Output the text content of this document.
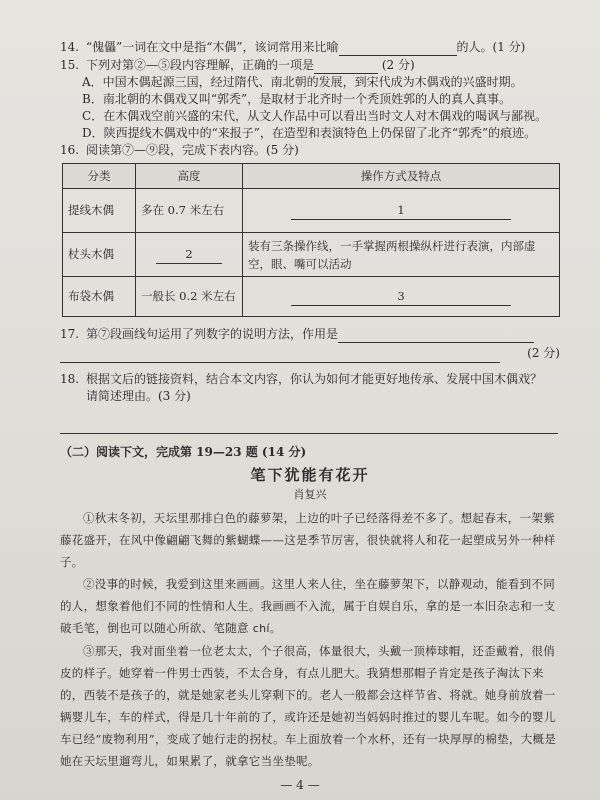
14. “傀儡”一词在文中是指“木偶”，该词常用来比喻	的人。(1 分)

15. 下列对第②—⑤段内容理解，正确的一项是	(2 分)

A．中国木偶起源三国，经过隋代、南北朝的发展，到宋代成为木偶戏的兴盛时期。

B．南北朝的木偶戏又叫“郭秃”，是取材于北齐时一个秃顶姓郭的人的真人真事。

C．在木偶戏空前兴盛的宋代，从文人作品中可以看出当时文人对木偶戏的喝讽与鄙视。

D．陕西提线木偶戏中的“来报子”，在造型和表演特色上仍保留了北齐“郭秃”的痕迹。

16. 阅读第⑦—⑨段，完成下表内容。(5 分)

分类	高度	操作方式及特点
提线木偶	多在 0.7 米左右	1
杖头木偶	2	装有三条操作线，一手掌握两根操纵杆进行表演，内部虚空，眼、嘴可以活动
布袋木偶	一般长 0.2 米左右	3

17. 第⑦段画线句运用了列数字的说明方法，作用是

(2 分)

18. 根据文后的链接资料，结合本文内容，你认为如何才能更好地传承、发展中国木偶戏？

请简述理由。(3 分)

（二）阅读下文，完成第 19—23 题 (14 分)

笔下犹能有花开
肖复兴

①秋末冬初，天坛里那排白色的藤萝架，上边的叶子已经落得差不多了。想起春末，一架紫藤花盛开，在风中像翩翩飞舞的紫蝴蝶——这是季节厉害，很快就将人和花一起塑成另外一种样子。

②没事的时候，我爱到这里来画画。这里人来人往，坐在藤萝架下，以静观动，能看到不同的人，想象着他们不同的性情和人生。我画画不入流，属于自娱自乐，拿的是一本旧杂志和一支破毛笔，倒也可以随心所欲、笔随意 chí。

③那天，我对面坐着一位老太太，个子很高，体量很大，头戴一顶棒球帽，还歪戴着，很俏皮的样子。她穿着一件男士西装，不太合身，有点儿肥大。我猜想那帽子肯定是孩子淘汰下来的，西装不是孩子的，就是她家老头儿穿剩下的。老人一般都会这样节省、将就。她身前放着一辆婴儿车，车的样式，得是几十年前的了，或许还是她初当妈妈时推过的婴儿车呢。如今的婴儿车已经“废物利用”，变成了她行走的拐杖。车上面放着一个水杯，还有一块厚厚的棉垫，大概是她在天坛里遛弯儿，如果累了，就拿它当坐垫呢。

— 4 —
